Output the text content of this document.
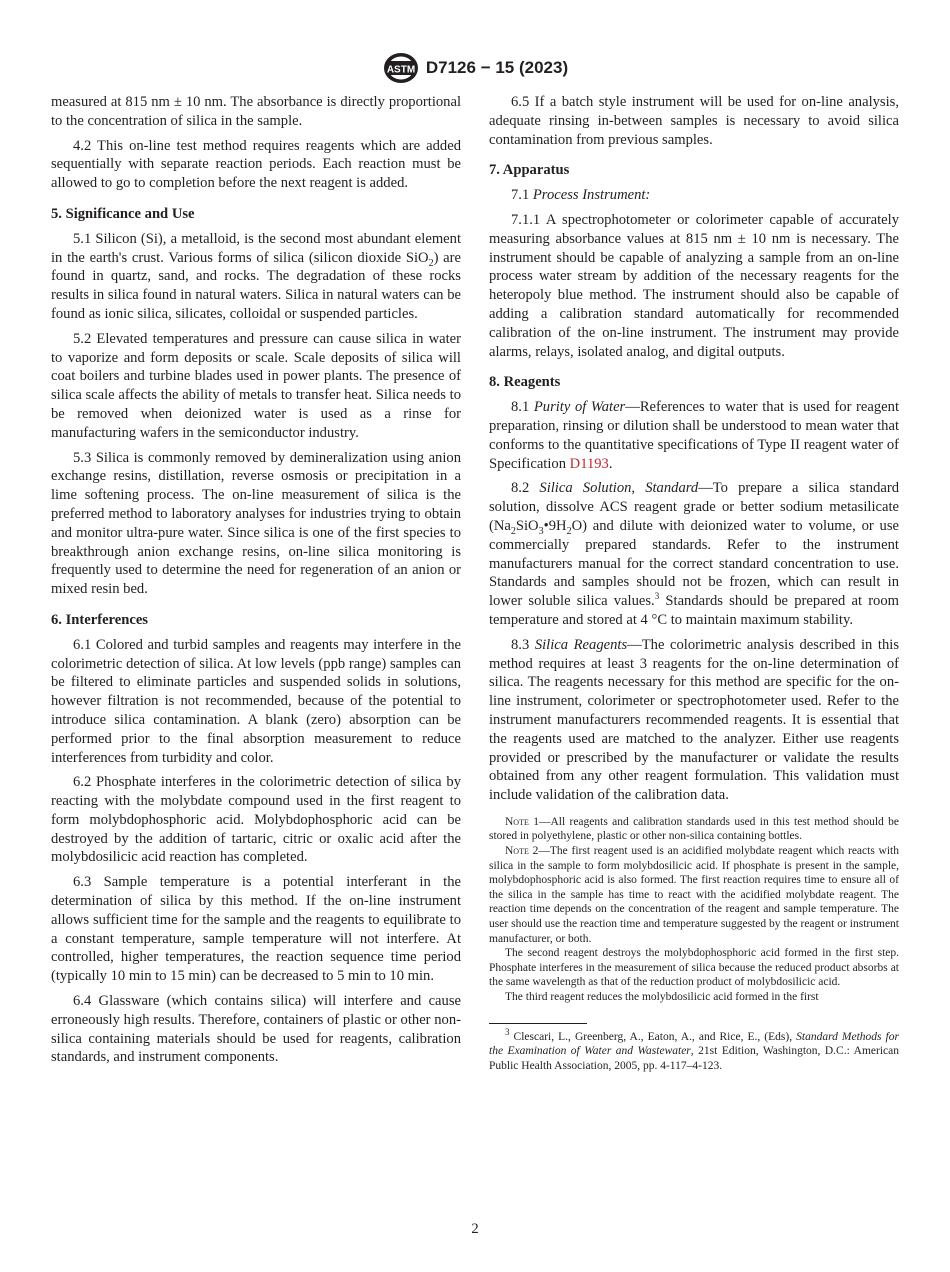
ASTM D7126 − 15 (2023)

measured at 815 nm ± 10 nm. The absorbance is directly proportional to the concentration of silica in the sample.

4.2 This on-line test method requires reagents which are added sequentially with separate reaction periods. Each reaction must be allowed to go to completion before the next reagent is added.

5. Significance and Use

5.1 Silicon (Si), a metalloid, is the second most abundant element in the earth's crust. Various forms of silica (silicon dioxide SiO$_2$) are found in quartz, sand, and rocks. The degradation of these rocks results in silica found in natural waters. Silica in natural waters can be found as ionic silica, silicates, colloidal or suspended particles.

5.2 Elevated temperatures and pressure can cause silica in water to vaporize and form deposits or scale. Scale deposits of silica will coat boilers and turbine blades used in power plants. The presence of silica scale affects the ability of metals to transfer heat. Silica needs to be removed when deionized water is used as a rinse for manufacturing wafers in the semiconductor industry.

5.3 Silica is commonly removed by demineralization using anion exchange resins, distillation, reverse osmosis or precipitation in a lime softening process. The on-line measurement of silica is the preferred method to laboratory analyses for industries trying to obtain and monitor ultra-pure water. Since silica is one of the first species to breakthrough anion exchange resins, on-line silica monitoring is frequently used to determine the need for regeneration of an anion or mixed resin bed.

6. Interferences

6.1 Colored and turbid samples and reagents may interfere in the colorimetric detection of silica. At low levels (ppb range) samples can be filtered to eliminate particles and suspended solids in solutions, however filtration is not recommended, because of the potential to introduce silica contamination. A blank (zero) absorption can be performed prior to the final absorption measurement to reduce interferences from turbidity and color.

6.2 Phosphate interferes in the colorimetric detection of silica by reacting with the molybdate compound used in the first reagent to form molybdophosphoric acid. Molybdophosphoric acid can be destroyed by the addition of tartaric, citric or oxalic acid after the molybdosilicic acid reaction has completed.

6.3 Sample temperature is a potential interferant in the determination of silica by this method. If the on-line instrument allows sufficient time for the sample and the reagents to equilibrate to a constant temperature, sample temperature will not interfere. At controlled, higher temperatures, the reaction sequence time period (typically 10 min to 15 min) can be decreased to 5 min to 10 min.

6.4 Glassware (which contains silica) will interfere and cause erroneously high results. Therefore, containers of plastic or other non-silica containing materials should be used for reagents, calibration standards, and instrument components.

6.5 If a batch style instrument will be used for on-line analysis, adequate rinsing in-between samples is necessary to avoid silica contamination from previous samples.

7. Apparatus

7.1 Process Instrument:

7.1.1 A spectrophotometer or colorimeter capable of accurately measuring absorbance values at 815 nm ± 10 nm is necessary. The instrument should be capable of analyzing a sample from an on-line process water stream by addition of the necessary reagents for the heteropoly blue method. The instrument should also be capable of adding a calibration standard automatically for recommended calibration of the on-line instrument. The instrument may provide alarms, relays, isolated analog, and digital outputs.

8. Reagents

8.1 Purity of Water—References to water that is used for reagent preparation, rinsing or dilution shall be understood to mean water that conforms to the quantitative specifications of Type II reagent water of Specification D1193.

8.2 Silica Solution, Standard—To prepare a silica standard solution, dissolve ACS reagent grade or better sodium metasilicate $(Na_2SiO_3•9H_2O)$ and dilute with deionized water to volume, or use commercially prepared standards. Refer to the instrument manufacturers manual for the correct standard concentration to use. Standards and samples should not be frozen, which can result in lower soluble silica values.$^3$ Standards should be prepared at room temperature and stored at 4 °C to maintain maximum stability.

8.3 Silica Reagents—The colorimetric analysis described in this method requires at least 3 reagents for the on-line determination of silica. The reagents necessary for this method are specific for the on-line instrument, colorimeter or spectrophotometer used. Refer to the instrument manufacturers recommended reagents. It is essential that the reagents used are matched to the analyzer. Either use reagents provided or prescribed by the manufacturer or validate the results obtained from any other reagent formulation. This validation must include validation of the calibration data.

Note 1—All reagents and calibration standards used in this test method should be stored in polyethylene, plastic or other non-silica containing bottles.
Note 2—The first reagent used is an acidified molybdate reagent which reacts with silica in the sample to form molybdosilicic acid. If phosphate is present in the sample, molybdophosphoric acid is also formed. The first reaction requires time to ensure all of the silica in the sample has time to react with the acidified molybdate reagent. The reaction time depends on the concentration of the reagent and sample temperature. The user should use the reaction time and temperature suggested by the reagent or instrument manufacturer, or both.
The second reagent destroys the molybdophosphoric acid formed in the first step. Phosphate interferes in the measurement of silica because the reduced product absorbs at the same wavelength as that of the reduction product of molybdosilicic acid.
The third reagent reduces the molybdosilicic acid formed in the first
$^3$ Clescari, L., Greenberg, A., Eaton, A., and Rice, E., (Eds), Standard Methods for the Examination of Water and Wastewater, 21st Edition, Washington, D.C.: American Public Health Association, 2005, pp. 4-117–4-123.
2
